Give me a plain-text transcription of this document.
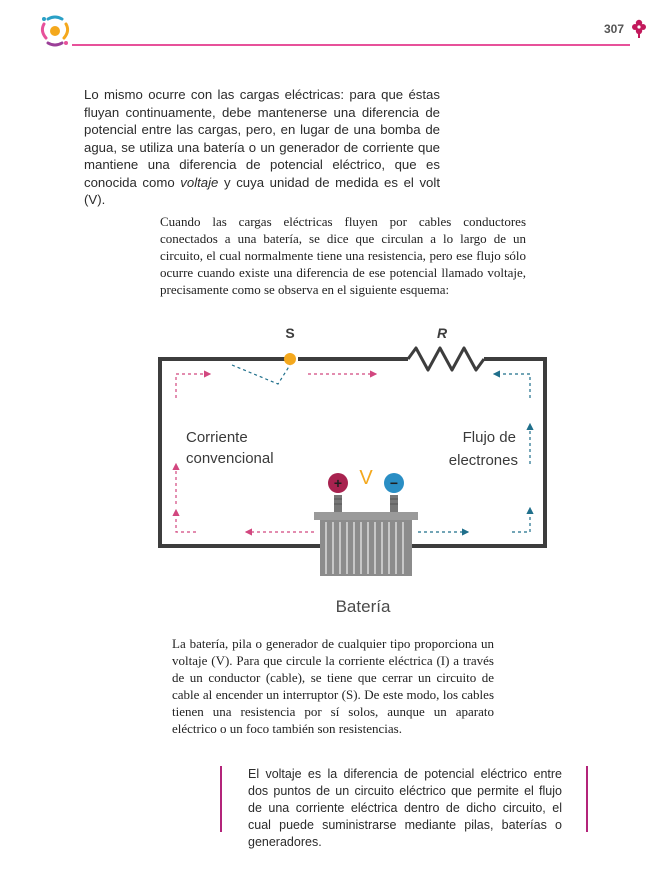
307

Lo mismo ocurre con las cargas eléctricas: para que éstas fluyan continuamente, debe mantenerse una diferencia de potencial entre las cargas, pero, en lugar de una bomba de agua, se utiliza una batería o un generador de corriente que mantiene una diferencia de potencial eléctrico, que es conocida como voltaje y cuya unidad de medida es el volt (V).

Cuando las cargas eléctricas fluyen por cables conductores conectados a una batería, se dice que circulan a lo largo de un circuito, el cual normalmente tiene una resistencia, pero ese flujo sólo ocurre cuando existe una diferencia de ese potencial llamado voltaje, precisamente como se observa en el siguiente esquema:

R
S
Corriente
convencional
Flujo de
electrones
+	−
V
Batería

La batería, pila o generador de cualquier tipo proporciona un voltaje (V). Para que circule la corriente eléctrica (I) a través de un conductor (cable), se tiene que cerrar un circuito de cable al encender un interruptor (S). De este modo, los cables tienen una resistencia por sí solos, aunque un aparato eléctrico o un foco también son resistencias.

El voltaje es la diferencia de potencial eléctrico entre dos puntos de un circuito eléctrico que permite el flujo de una corriente eléctrica dentro de dicho circuito, el cual puede suministrarse mediante pilas, baterías o generadores.
